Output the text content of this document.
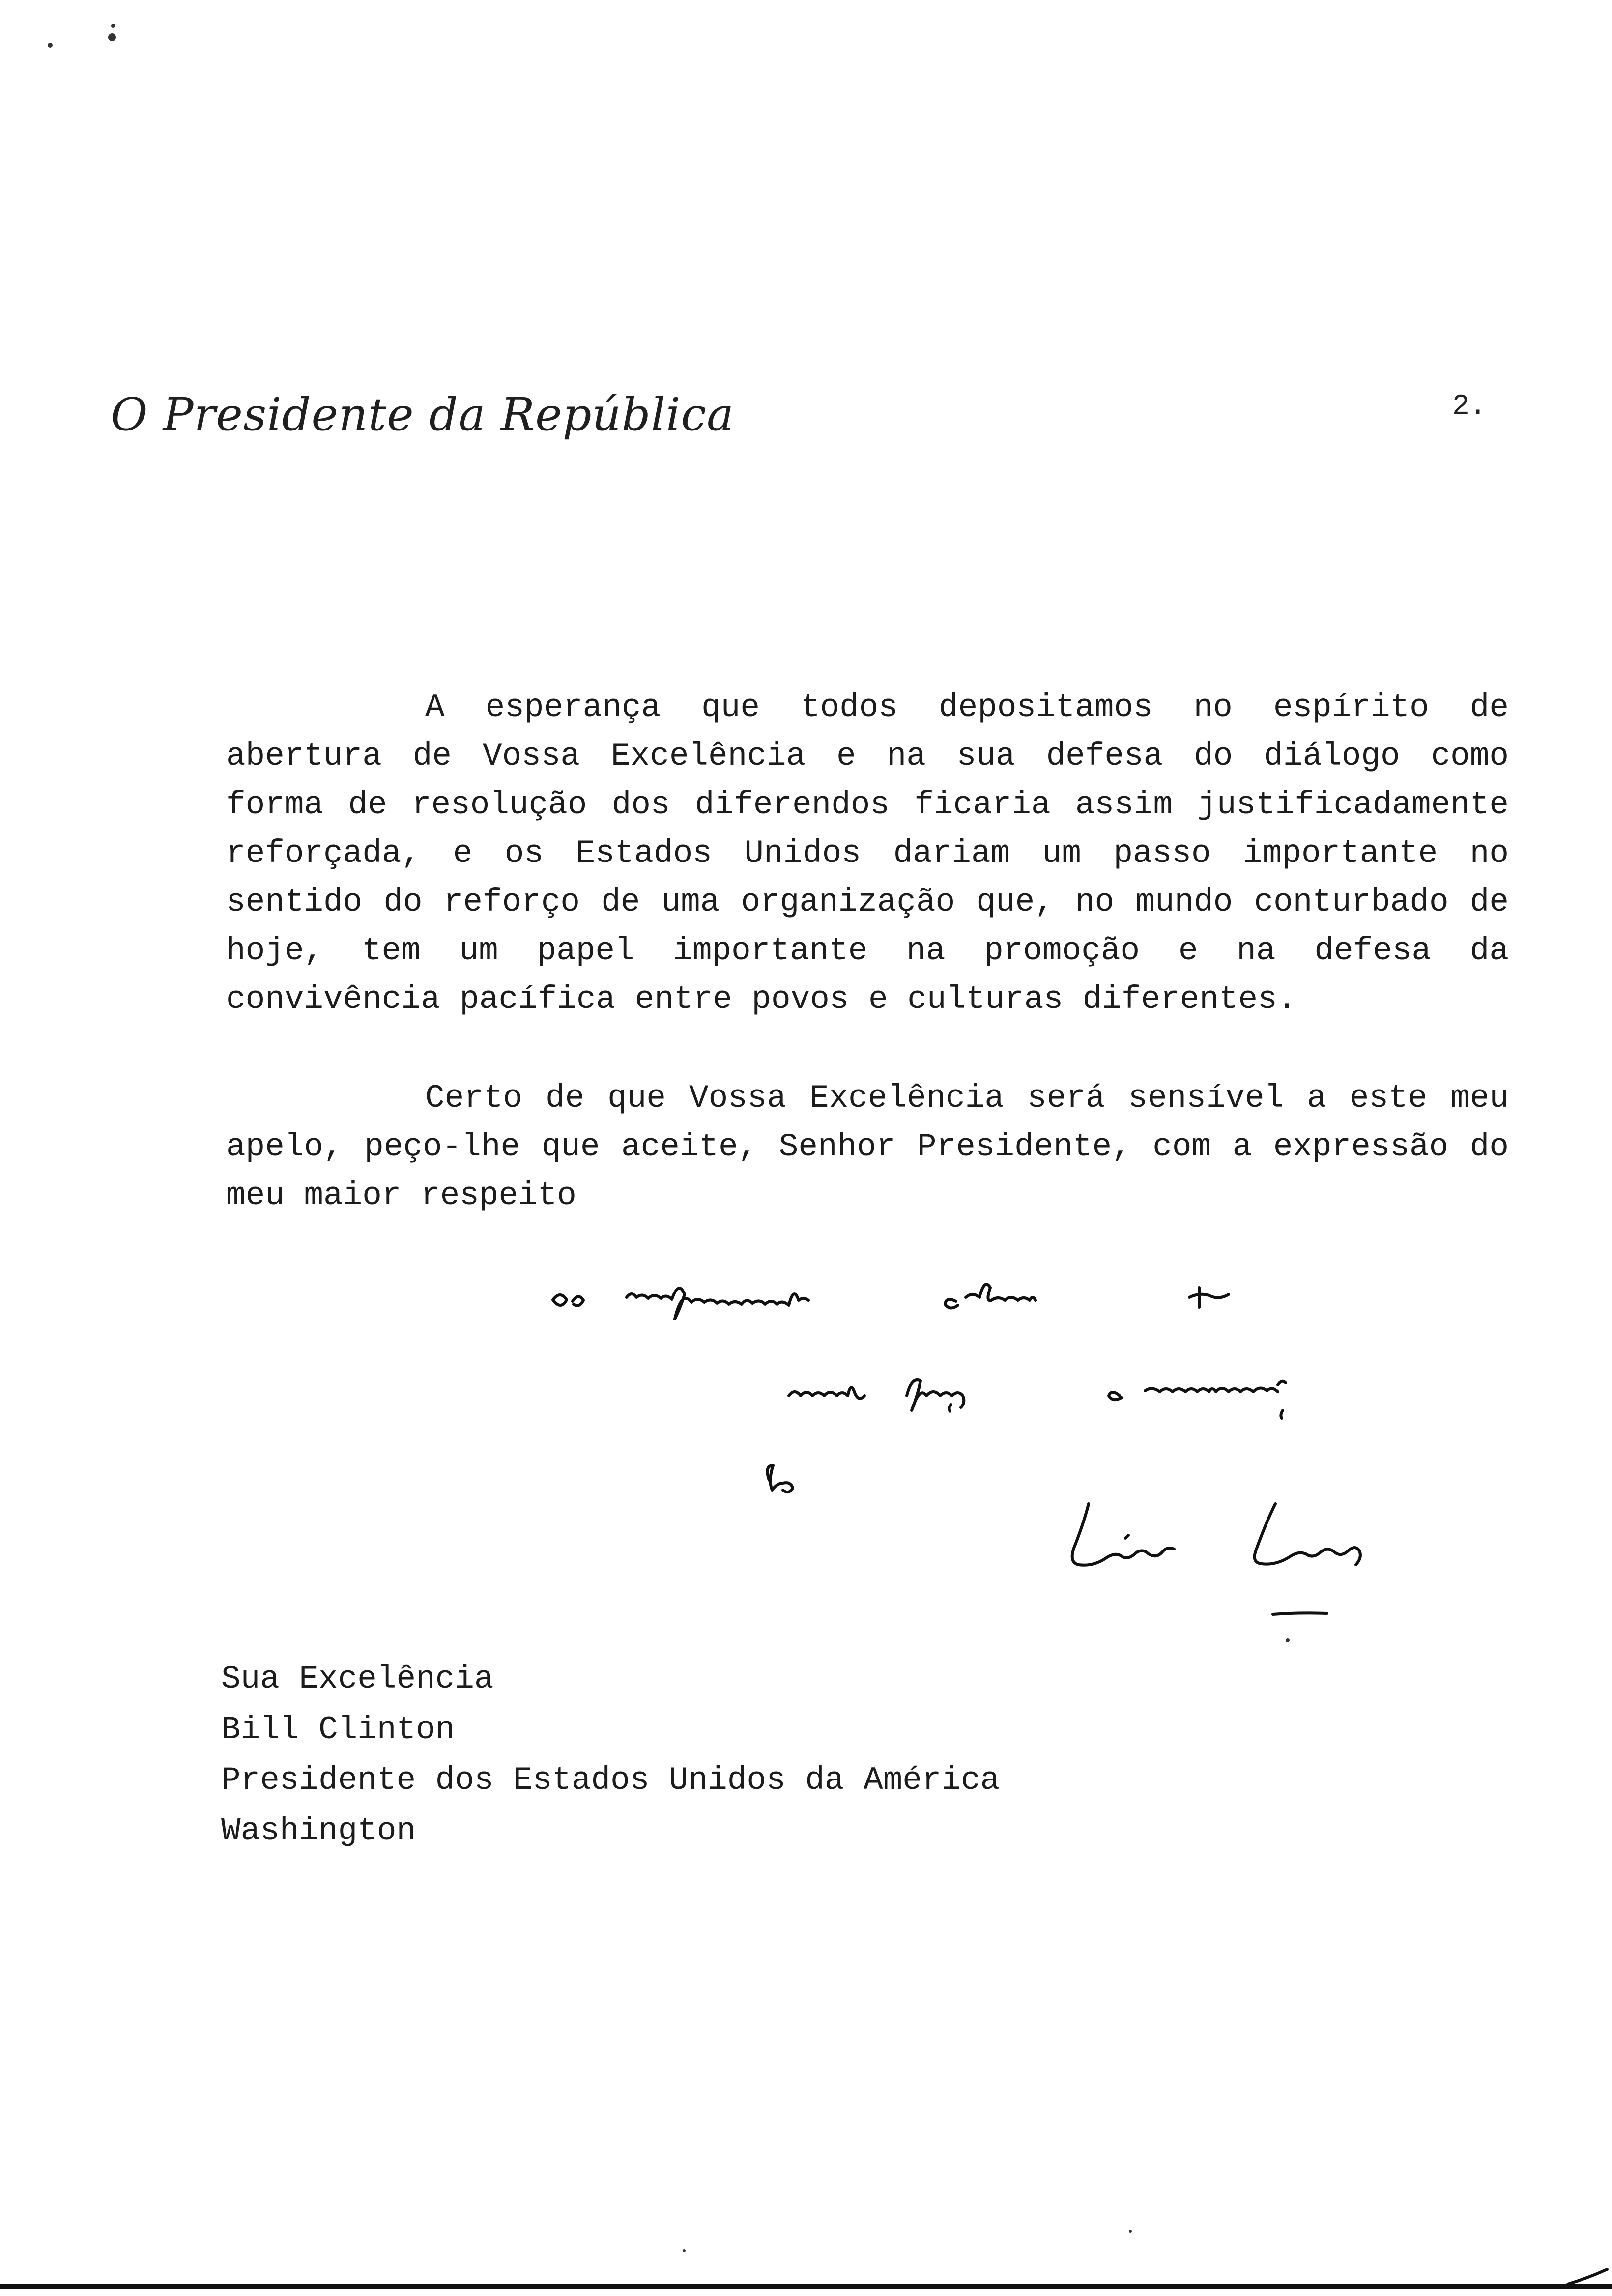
O Presidente da República	2.
A esperança que todos depositamos no espírito de abertura de Vossa Excelência e na sua defesa do diálogo como forma de resolução dos diferendos ficaria assim justificadamente reforçada, e os Estados Unidos dariam um passo importante no sentido do reforço de uma organização que, no mundo conturbado de hoje, tem um papel importante na promoção e na defesa da convivência pacífica entre povos e culturas diferentes.
Certo de que Vossa Excelência será sensível a este meu apelo, peço-lhe que aceite, Senhor Presidente, com a expressão do meu maior respeito
Sua Excelência
Bill Clinton
Presidente dos Estados Unidos da América
Washington
